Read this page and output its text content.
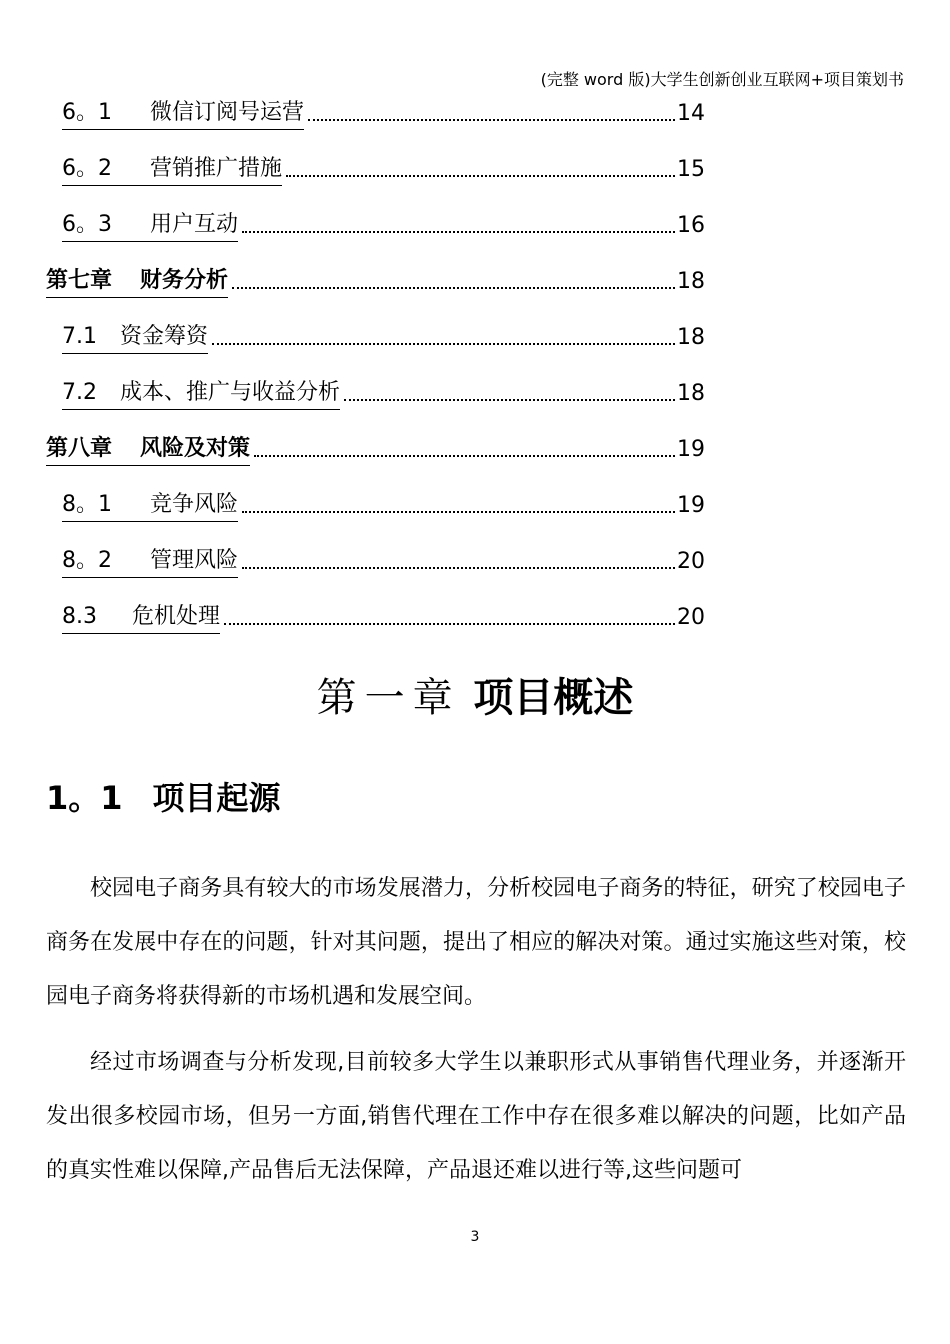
(完整 word 版)大学生创新创业互联网+项目策划书
6。1 微信订阅号运营	14
6。2 营销推广措施	15
6。3 用户互动	16
第七章 财务分析	18
7.1 资金筹资	18
7.2 成本、推广与收益分析	18
第八章 风险及对策	19
8。1 竞争风险	19
8。2 管理风险	20
8.3 危机处理	20
第一章 项目概述
1。1 项目起源

校园电子商务具有较大的市场发展潜力，分析校园电子商务的特征，研究了校园电子商务在发展中存在的问题，针对其问题，提出了相应的解决对策。通过实施这些对策，校园电子商务将获得新的市场机遇和发展空间。

经过市场调查与分析发现,目前较多大学生以兼职形式从事销售代理业务，并逐渐开发出很多校园市场，但另一方面,销售代理在工作中存在很多难以解决的问题，比如产品的真实性难以保障,产品售后无法保障，产品退还难以进行等,这些问题可

3
